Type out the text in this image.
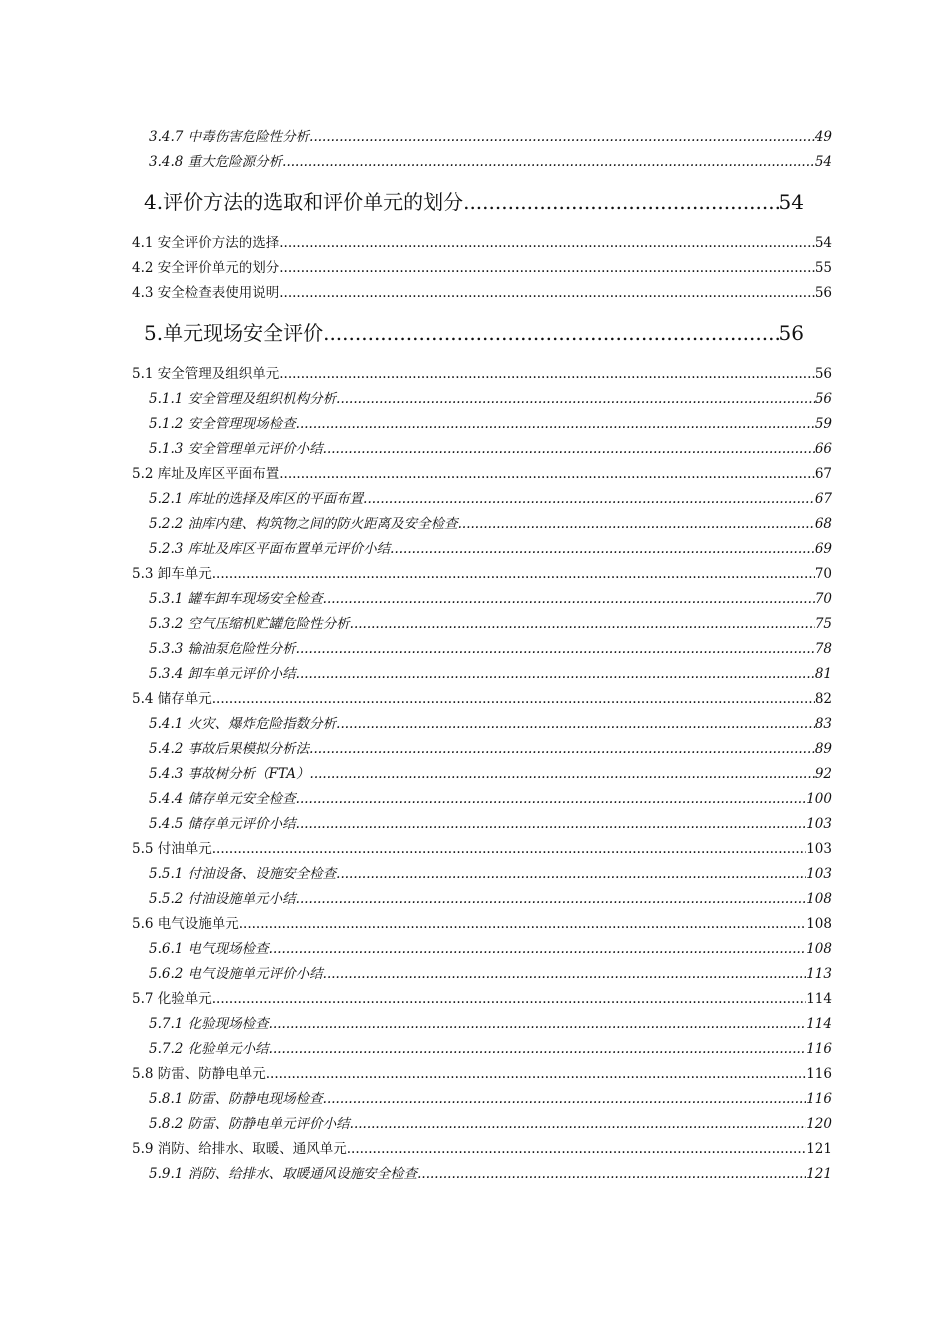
3.4.7 中毒伤害危险性分析 .....	49
3.4.8 重大危险源分析 .....	54
4.评价方法的选取和评价单元的划分 .....	54
4.1 安全评价方法的选择 .....	54
4.2 安全评价单元的划分 .....	55
4.3 安全检查表使用说明 .....	56
5.单元现场安全评价 .....	56
5.1 安全管理及组织单元 .....	56
5.1.1 安全管理及组织机构分析 .....	56
5.1.2 安全管理现场检查 .....	59
5.1.3 安全管理单元评价小结 .....	66
5.2 库址及库区平面布置 .....	67
5.2.1 库址的选择及库区的平面布置 .....	67
5.2.2 油库内建、构筑物之间的防火距离及安全检查 .....	68
5.2.3 库址及库区平面布置单元评价小结 .....	69
5.3 卸车单元 .....	70
5.3.1 罐车卸车现场安全检查 .....	70
5.3.2 空气压缩机贮罐危险性分析 .....	75
5.3.3 输油泵危险性分析 .....	78
5.3.4 卸车单元评价小结 .....	81
5.4 储存单元 .....	82
5.4.1 火灾、爆炸危险指数分析 .....	83
5.4.2 事故后果模拟分析法 .....	89
5.4.3 事故树分析（FTA） .....	92
5.4.4 储存单元安全检查 .....	100
5.4.5 储存单元评价小结 .....	103
5.5 付油单元 .....	103
5.5.1 付油设备、设施安全检查 .....	103
5.5.2 付油设施单元小结 .....	108
5.6 电气设施单元 .....	108
5.6.1 电气现场检查 .....	108
5.6.2 电气设施单元评价小结 .....	113
5.7 化验单元 .....	114
5.7.1 化验现场检查 .....	114
5.7.2 化验单元小结 .....	116
5.8 防雷、防静电单元 .....	116
5.8.1 防雷、防静电现场检查 .....	116
5.8.2 防雷、防静电单元评价小结 .....	120
5.9 消防、给排水、取暖、通风单元 .....	121
5.9.1 消防、给排水、取暖通风设施安全检查 .....	121
